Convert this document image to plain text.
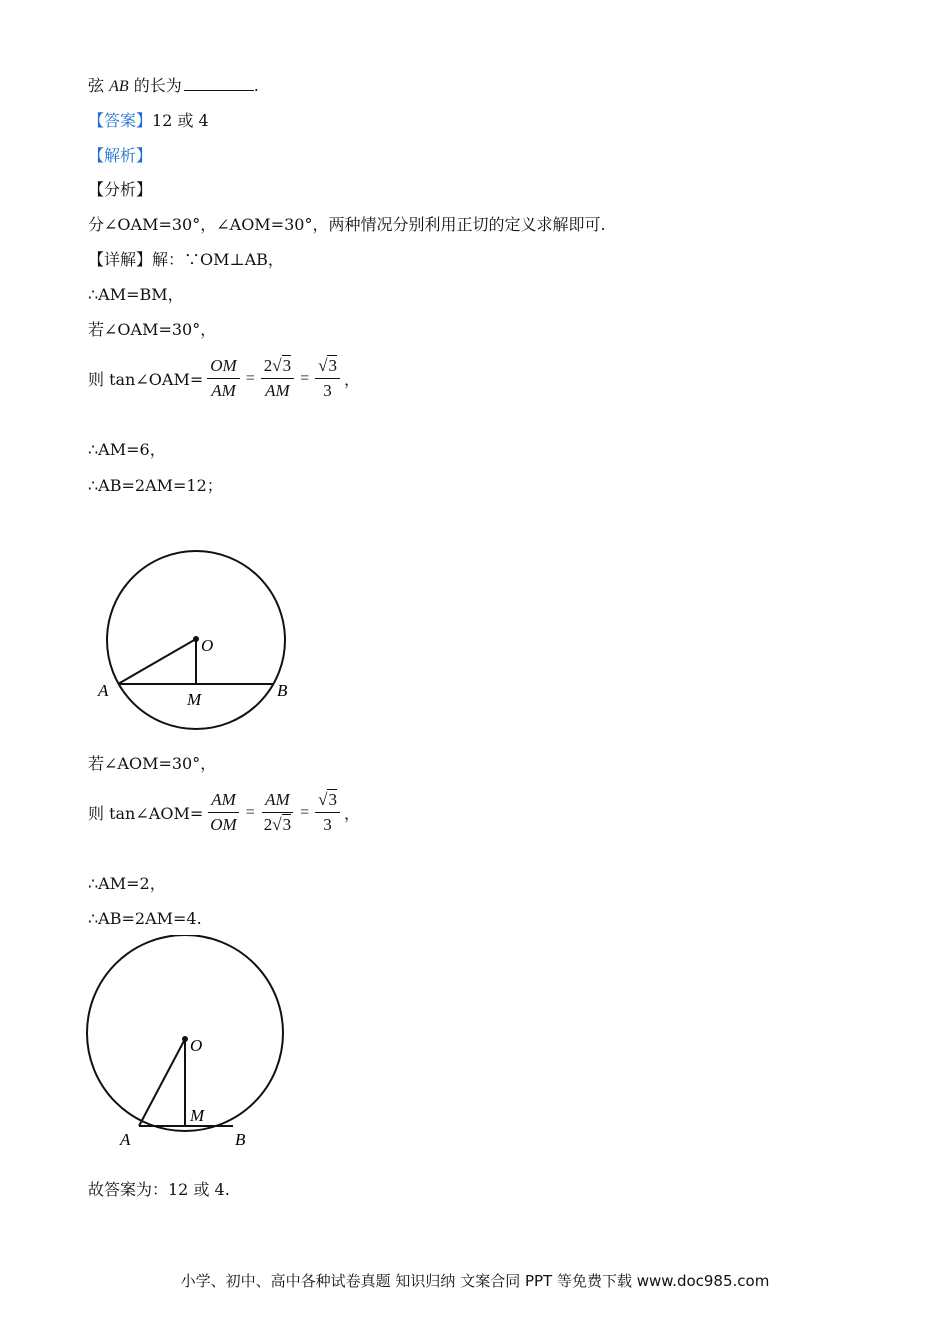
弦 AB 的长为	.
【答案】12 或 4
【解析】
【分析】
分∠OAM=30°，∠AOM=30°，两种情况分别利用正切的定义求解即可.
【详解】解：∵OM⊥AB，
∴AM=BM，
若∠OAM=30°，
则 tan∠OAM= $\frac{OM}{AM} = \frac{2√3}{AM} = \frac{√3}{3}$ ，
∴AM=6，
∴AB=2AM=12；
O
A	M	B
若∠AOM=30°，
则 tan∠AOM= $\frac{AM}{OM} = \frac{AM}{2√3} = \frac{√3}{3}$ ，
∴AM=2，
∴AB=2AM=4.
O
A
M
B
故答案为：12 或 4.
小学、初中、高中各种试卷真题 知识归纳 文案合同 PPT 等免费下载 www.doc985.com
